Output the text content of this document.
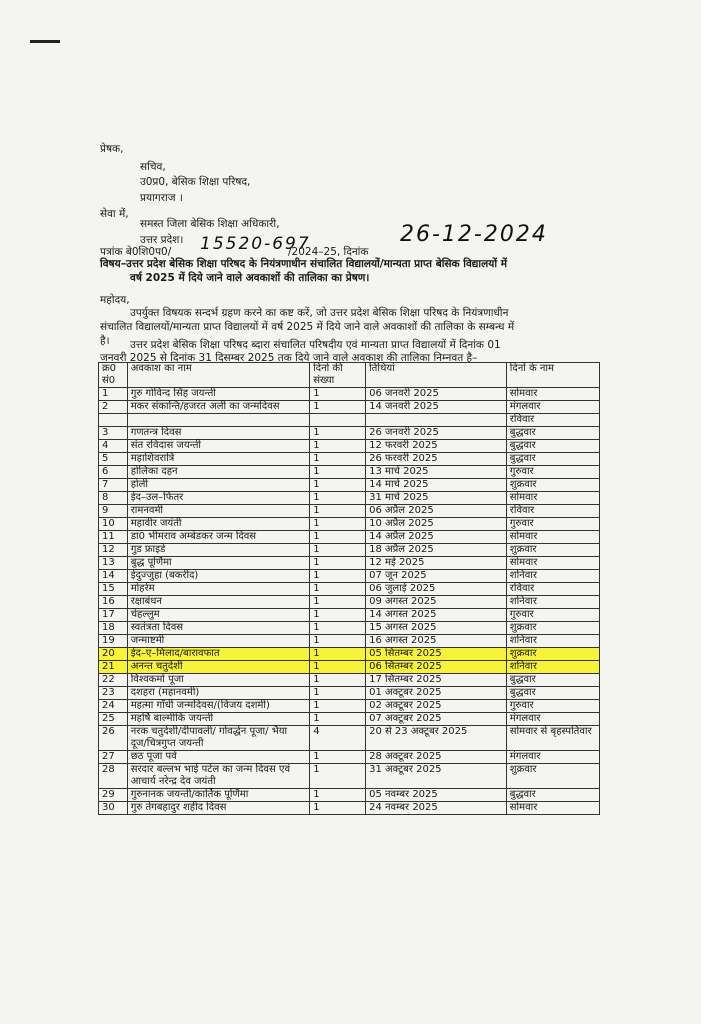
प्रेषक,
सचिव,
उ0प्र0, बेसिक शिक्षा परिषद,
प्रयागराज ।
सेवा में,
समस्त जिला बेसिक शिक्षा अधिकारी,
उत्तर प्रदेश।
पत्रांक बे0शि0प0/ 15520-697
/2024–25, दिनांक
26-12-2024
विषय–उत्तर प्रदेश बेसिक शिक्षा परिषद के नियंत्रणाधीन संचालित विद्यालयों/मान्यता प्राप्त बेसिक विद्यालयों में
वर्ष 2025 में दिये जाने वाले अवकाशों की तालिका का प्रेषण।
महोदय,
उपर्युक्त विषयक सन्दर्भ ग्रहण करने का कष्ट करें, जो उत्तर प्रदेश बेसिक शिक्षा परिषद के नियंत्रणाधीन
संचालित विद्यालयों/मान्यता प्राप्त विद्यालयों में वर्ष 2025 में दिये जाने वाले अवकाशों की तालिका के सम्बन्ध में
है। उत्तर प्रदेश बेसिक शिक्षा परिषद ब्दारा संचालित परिषदीय एवं मान्यता प्राप्त विद्यालयों में दिनांक 01
जनवरी 2025 से दिनांक 31 दिसम्बर 2025 तक दिये जाने वाले अवकाश की तालिका निम्नवत है–
क्र0 सं0	अवकाश का नाम	दिनो की संख्या	तिथियां	दिनों के नाम
1	गुरु गोविन्द सिंह जयन्ती	1	06 जनवरी 2025	सोमवार
2	मकर संकान्ति/हजरत अली का जन्मदिवस	1	14 जनवरी 2025	मंगलवार
				रविवार
3	गणतन्त्र दिवस	1	26 जनवरी 2025	बुद्धवार
4	संत रविदास जयन्ती	1	12 फरवरी 2025	बुद्धवार
5	महाशिवरात्रि	1	26 फरवरी 2025	बुद्धवार
6	होलिका दहन	1	13 मार्च 2025	गुरुवार
7	होली	1	14 मार्च 2025	शुक्रवार
8	ईद–उल–फितर	1	31 मार्च 2025	सोमवार
9	रामनवमी	1	06 अप्रैल 2025	रविवार
10	महावीर जयंती	1	10 अप्रैल 2025	गुरुवार
11	डा0 भीमराव अम्बेडकर जन्म दिवस	1	14 अप्रैल 2025	सोमवार
12	गुड फ्राइडे	1	18 अप्रैल 2025	शुक्रवार
13	बुद्ध पूर्णिमा	1	12 मई 2025	सोमवार
14	ईदुज्जुहा (बकरीद)	1	07 जून 2025	शनिवार
15	मोहर्रम	1	06 जुलाई 2025	रविवार
16	रक्षाबंधन	1	09 अगस्त 2025	शनिवार
17	चेहल्लुम	1	14 अगस्त 2025	गुरुवार
18	स्वतंत्रता दिवस	1	15 अगस्त 2025	शुक्रवार
19	जन्माष्टमी	1	16 अगस्त 2025	शनिवार
20	ईद–ए–मिलाद/बारावफात	1	05 सितम्बर 2025	शुक्रवार
21	अनन्त चतुर्दशी	1	06 सितम्बर 2025	शनिवार
22	विश्वकर्मा पूजा	1	17 सितम्बर 2025	बुद्धवार
23	दशहरा (महानवमी)	1	01 अक्टूबर 2025	बुद्धवार
24	महत्मा गाँधी जन्मदिवस/(विजय दशमी)	1	02 अक्टूबर 2025	गुरुवार
25	महर्षि बाल्मीकि जयन्ती	1	07 अक्टूबर 2025	मंगलवार
26	नरक चतुर्दशी/दीपावली/ गोवर्द्धन पूजा/ भैया दूज/चित्रगुप्त जयन्ती	4	20 से 23 अक्टूबर 2025	सोमवार से बृहस्पतिवार
27	छठ पूजा पर्व	1	28 अक्टूबर 2025	मंगलवार
28	सरदार बल्लभ भाई पटेल का जन्म दिवस एवं आचार्य नरेन्द्र देव जयंती	1	31 अक्टूबर 2025	शुक्रवार
29	गुरुनानक जयन्ती/कार्तिक पूर्णिमा	1	05 नवम्बर 2025	बुद्धवार
30	गुरु तेगबहादुर शहीद दिवस	1	24 नवम्बर 2025	सोमवार
